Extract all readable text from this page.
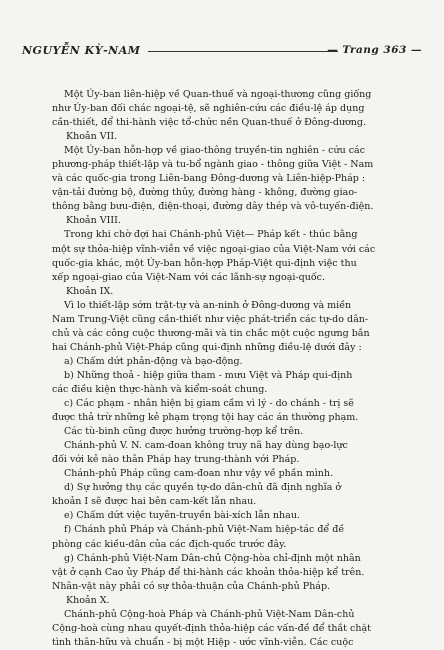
NGUYỄN KỲ-NAM	— Trang 363 —
Một Ủy-ban liên-hiệp về Quan-thuế và ngoại-thương cũng giống
như Ủy-ban đối chác ngoại-tệ, sẽ nghiên-cứu các điều-lệ áp dụng
cần-thiết, để thi-hành việc tổ-chức nền Quan-thuế ở Đông-dương.
Khoản VII.
Một Ủy-ban hỗn-hợp về giao-thông truyền-tin nghiên - cứu các
phương-pháp thiết-lập và tu-bổ ngành giao - thông giữa Việt - Nam
và các quốc-gia trong Liên-bang Đông-dương và Liên-hiệp-Pháp :
vận-tải đường bộ, đường thủy, đường hàng - không, đường giao-
thông bằng bưu-điện, điện-thoại, đường dây thép và vô-tuyến-điện.
Khoản VIII.
Trong khi chờ đợi hai Chánh-phủ Việt— Pháp kết - thúc bằng
một sự thỏa-hiệp vĩnh-viễn về việc ngoại-giao của Việt-Nam với các
quốc-gia khác, một Ủy-ban hỗn-hợp Pháp-Việt qui-định việc thu
xếp ngoại-giao của Việt-Nam với các lãnh-sự ngoại-quốc.
Khoản IX.
Vì lo thiết-lập sớm trật-tự và an-ninh ở Đông-dương và miền
Nam Trung-Việt cũng cần-thiết như việc phát-triển các tự-do dân-
chủ và các công cuộc thương-mãi và tin chắc một cuộc ngưng bắn
hai Chánh-phủ Việt-Pháp cũng qui-định những điều-lệ dưới đây :
a) Chấm dứt phản-động và bạo-động.
b) Những thoả - hiệp giữa tham - mưu Việt và Pháp qui-định
các điều kiện thực-hành và kiểm-soát chung.
c) Các phạm - nhân hiện bị giam cầm vì lý - do chánh - trị sẽ
được thả trừ những kẻ phạm trọng tội hay các án thường phạm.
Các tù-binh cũng được hưởng trường-hợp kể trên.
Chánh-phủ V. N. cam-đoan không truy nã hay dùng bạo-lực
đối với kẻ nào thân Pháp hay trung-thành với Pháp.
Chánh-phủ Pháp cũng cam-đoan như vậy về phần mình.
d) Sự hưởng thụ các quyền tự-do dân-chủ đã định nghĩa ở
khoản I sẽ được hai bên cam-kết lẫn nhau.
e) Chấm dứt việc tuyên-truyền bài-xích lẫn nhau.
f) Chánh phủ Pháp và Chánh-phủ Việt-Nam hiệp-tác để đề
phòng các kiều-dân của các địch-quốc trước đây.
g) Chánh-phủ Việt-Nam Dân-chủ Cộng-hòa chỉ-định một nhân
vật ở cạnh Cao ủy Pháp để thi-hành các khoản thỏa-hiệp kể trên.
Nhân-vật này phải có sự thỏa-thuận của Chánh-phủ Pháp.
Khoản X.
Chánh-phủ Cộng-hoà Pháp và Chánh-phủ Việt-Nam Dân-chủ
Cộng-hoà cùng nhau quyết-định thỏa-hiệp các vấn-đề để thắt chặt
tình thân-hữu và chuẩn - bị một Hiệp - ước vĩnh-viễn. Các cuộc
